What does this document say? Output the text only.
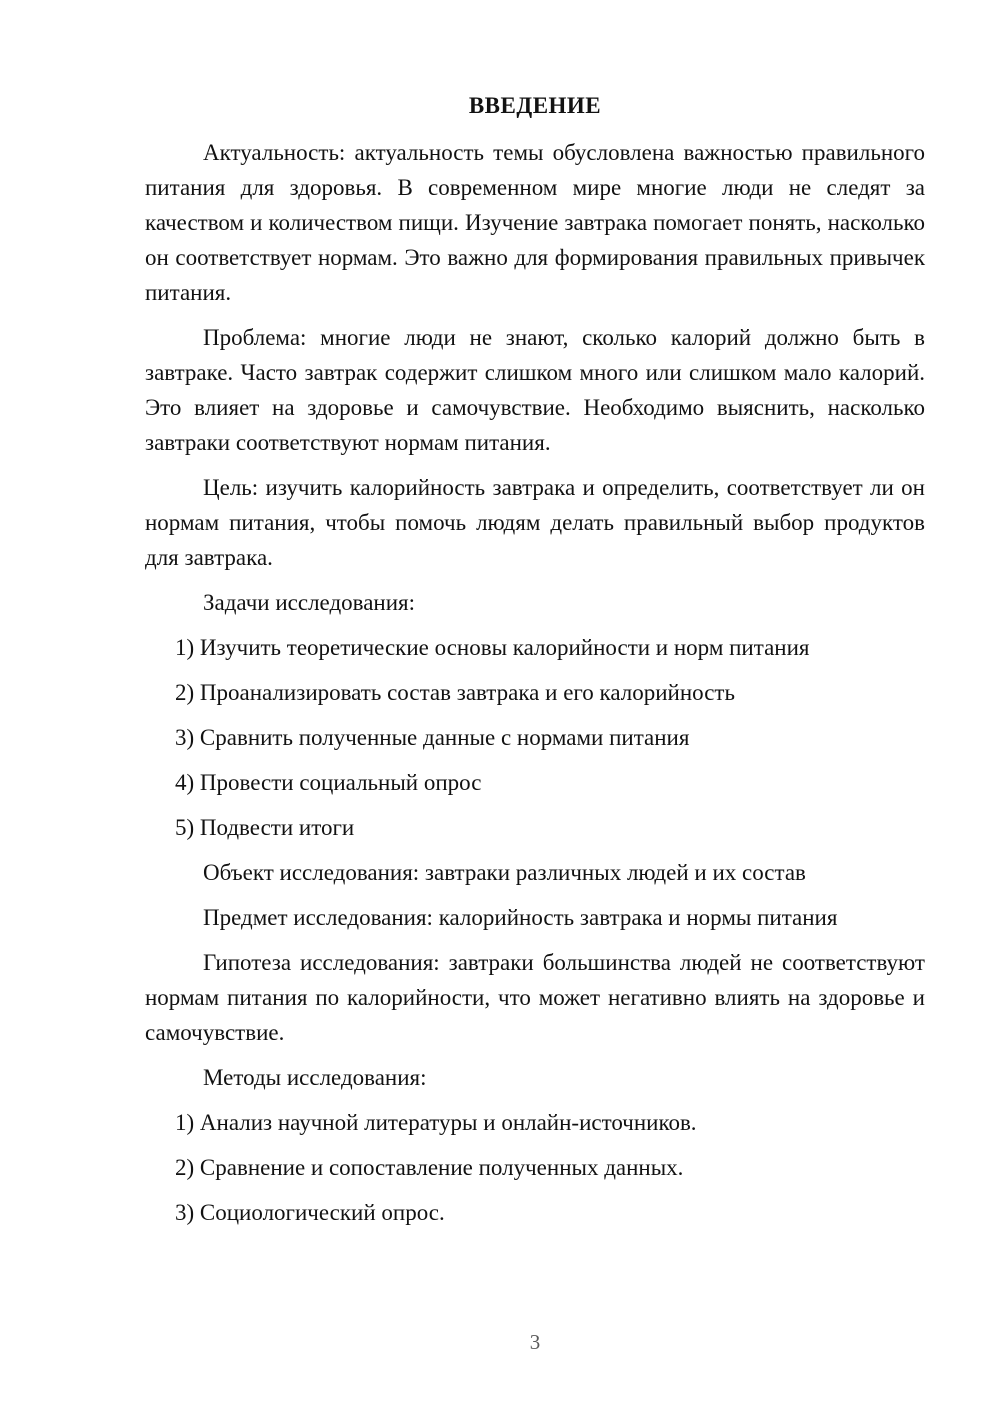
ВВЕДЕНИЕ

Актуальность: актуальность темы обусловлена важностью правильного питания для здоровья. В современном мире многие люди не следят за качеством и количеством пищи. Изучение завтрака помогает понять, насколько он соответствует нормам. Это важно для формирования правильных привычек питания.

Проблема: многие люди не знают, сколько калорий должно быть в завтраке. Часто завтрак содержит слишком много или слишком мало калорий. Это влияет на здоровье и самочувствие. Необходимо выяснить, насколько завтраки соответствуют нормам питания.

Цель: изучить калорийность завтрака и определить, соответствует ли он нормам питания, чтобы помочь людям делать правильный выбор продуктов для завтрака.

Задачи исследования:

1) Изучить теоретические основы калорийности и норм питания
2) Проанализировать состав завтрака и его калорийность
3) Сравнить полученные данные с нормами питания
4) Провести социальный опрос
5) Подвести итоги

Объект исследования: завтраки различных людей и их состав

Предмет исследования: калорийность завтрака и нормы питания

Гипотеза исследования: завтраки большинства людей не соответствуют нормам питания по калорийности, что может негативно влиять на здоровье и самочувствие.

Методы исследования:

1) Анализ научной литературы и онлайн-источников.
2) Сравнение и сопоставление полученных данных.
3) Социологический опрос.
3
